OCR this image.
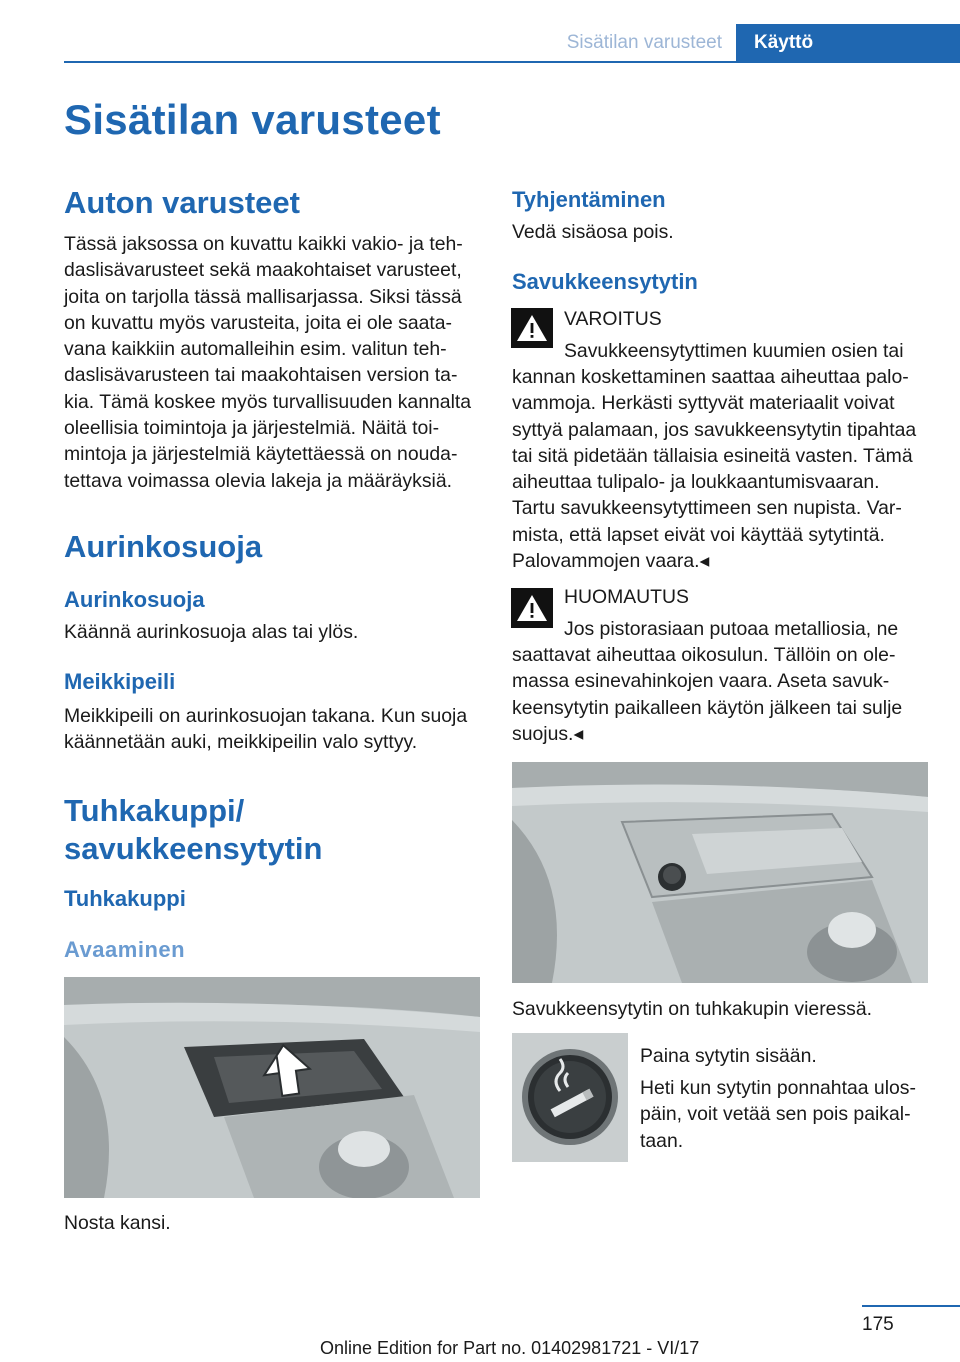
Sisätilan varusteet	Käyttö
Sisätilan varusteet
Auton varusteet
Tässä jaksossa on kuvattu kaikki vakio- ja teh-
daslisävarusteet sekä maakohtaiset varusteet,
joita on tarjolla tässä mallisarjassa. Siksi tässä
on kuvattu myös varusteita, joita ei ole saata-
vana kaikkiin automalleihin esim. valitun teh-
daslisävarusteen tai maakohtaisen version ta-
kia. Tämä koskee myös turvallisuuden kannalta
oleellisia toimintoja ja järjestelmiä. Näitä toi-
mintoja ja järjestelmiä käytettäessä on nouda-
tettava voimassa olevia lakeja ja määräyksiä.
Aurinkosuoja
Aurinkosuoja
Käännä aurinkosuoja alas tai ylös.
Meikkipeili
Meikkipeili on aurinkosuojan takana. Kun suoja
käännetään auki, meikkipeilin valo syttyy.
Tuhkakuppi/
savukkeensytytin
Tuhkakuppi
Avaaminen
Nosta kansi.
Tyhjentäminen
Vedä sisäosa pois.
Savukkeensytytin
VAROITUS
Savukkeensytyttimen kuumien osien tai
kannan koskettaminen saattaa aiheuttaa palo-
vammoja. Herkästi syttyvät materiaalit voivat
syttyä palamaan, jos savukkeensytytin tipahtaa
tai sitä pidetään tällaisia esineitä vasten. Tämä
aiheuttaa tulipalo- ja loukkaantumisvaaran.
Tartu savukkeensytyttimeen sen nupista. Var-
mista, että lapset eivät voi käyttää sytytintä.
Palovammojen vaara.◂
HUOMAUTUS
Jos pistorasiaan putoaa metalliosia, ne
saattavat aiheuttaa oikosulun. Tällöin on ole-
massa esinevahinkojen vaara. Aseta savuk-
keensytytin paikalleen käytön jälkeen tai sulje
suojus.◂
Savukkeensytytin on tuhkakupin vieressä.
Paina sytytin sisään.
Heti kun sytytin ponnahtaa ulos-
päin, voit vetää sen pois paikal-
taan.
175
Online Edition for Part no. 01402981721 - VI/17
